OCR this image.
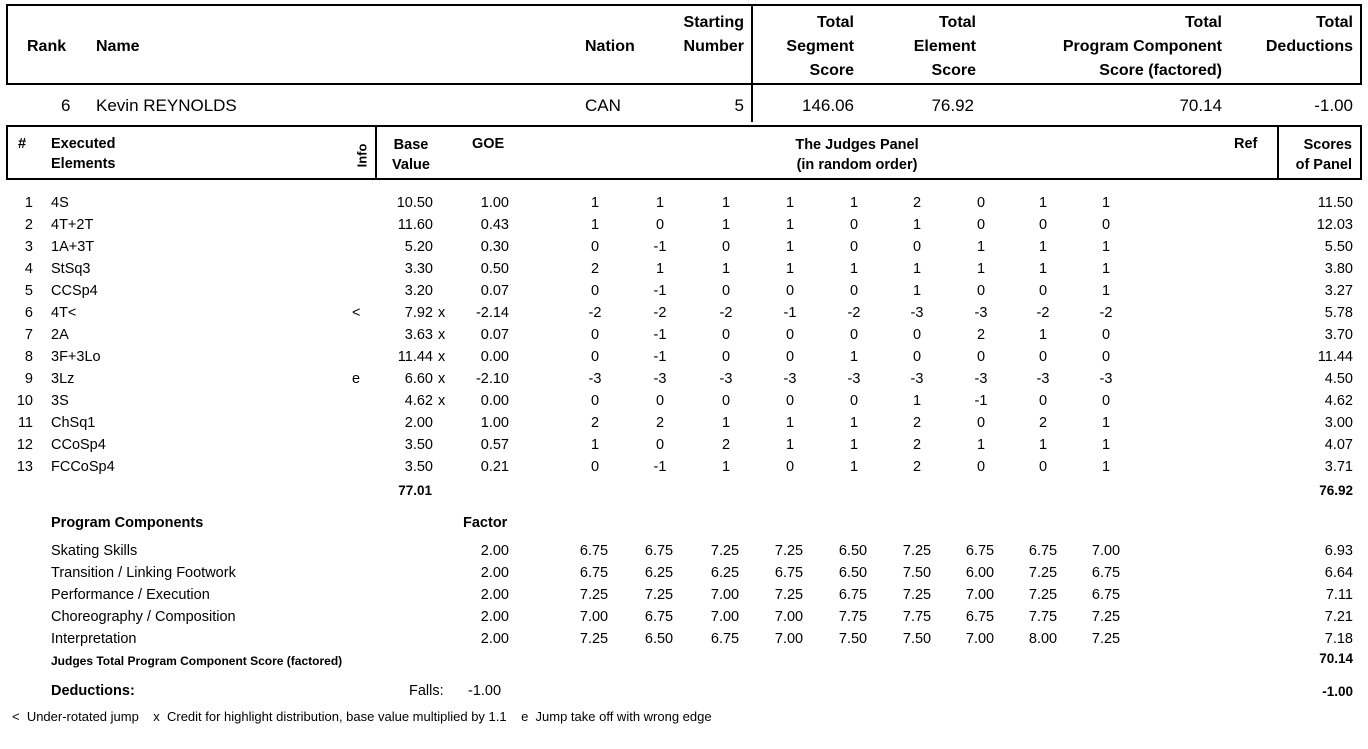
Rank Name	Nation
Starting
Number
Total
Segment
Score
Total
Element
Score
Total
Program Component
Score (factored)
Total
Deductions
6 Kevin REYNOLDS	CAN	5	146.06	76.92	70.14	-1.00
# Executed
Elements	Info	Base
Value
GOE	The Judges Panel
(in random order)
Ref	Scores
of Panel
1 4S	10.50	1.00	1	1	1	1	1	2	0	1	1	11.50
2 4T+2T	11.60	0.43	1	0	1	1	0	1	0	0	0	12.03
3 1A+3T	5.20	0.30	0	-1	0	1	0	0	1	1	1	5.50
4 StSq3	3.30	0.50	2	1	1	1	1	1	1	1	1	3.80
5 CCSp4	3.20	0.07	0	-1	0	0	0	1	0	0	1	3.27
6 4T<	<	7.92 x	-2.14	-2	-2	-2	-1	-2	-3	-3	-2	-2	5.78
7 2A	3.63 x	0.07	0	-1	0	0	0	0	2	1	0	3.70
8 3F+3Lo	11.44 x	0.00	0	-1	0	0	1	0	0	0	0	11.44
9 3Lz	e	6.60 x	-2.10	-3	-3	-3	-3	-3	-3	-3	-3	-3	4.50
10 3S	4.62 x	0.00	0	0	0	0	0	1	-1	0	0	4.62
11 ChSq1	2.00	1.00	2	2	1	1	1	2	0	2	1	3.00
12 CCoSp4	3.50	0.57	1	0	2	1	1	2	1	1	1	4.07
13 FCCoSp4	3.50	0.21	0	-1	1	0	1	2	0	0	1	3.71
77.01	76.92
Program Components	Factor
Skating Skills	2.00	6.75	6.75	7.25	7.25	6.50	7.25	6.75	6.75	7.00	6.93
Transition / Linking Footwork	2.00	6.75	6.25	6.25	6.75	6.50	7.50	6.00	7.25	6.75	6.64
Performance / Execution	2.00	7.25	7.25	7.00	7.25	6.75	7.25	7.00	7.25	6.75	7.11
Choreography / Composition	2.00	7.00	6.75	7.00	7.00	7.75	7.75	6.75	7.75	7.25	7.21
Interpretation	2.00	7.25	6.50	6.75	7.00	7.50	7.50	7.00	8.00	7.25	7.18
Judges Total Program Component Score (factored)	70.14
Deductions:	Falls: -1.00	-1.00
<  Under-rotated jump    x  Credit for highlight distribution, base value multiplied by 1.1    e  Jump take off with wrong edge
